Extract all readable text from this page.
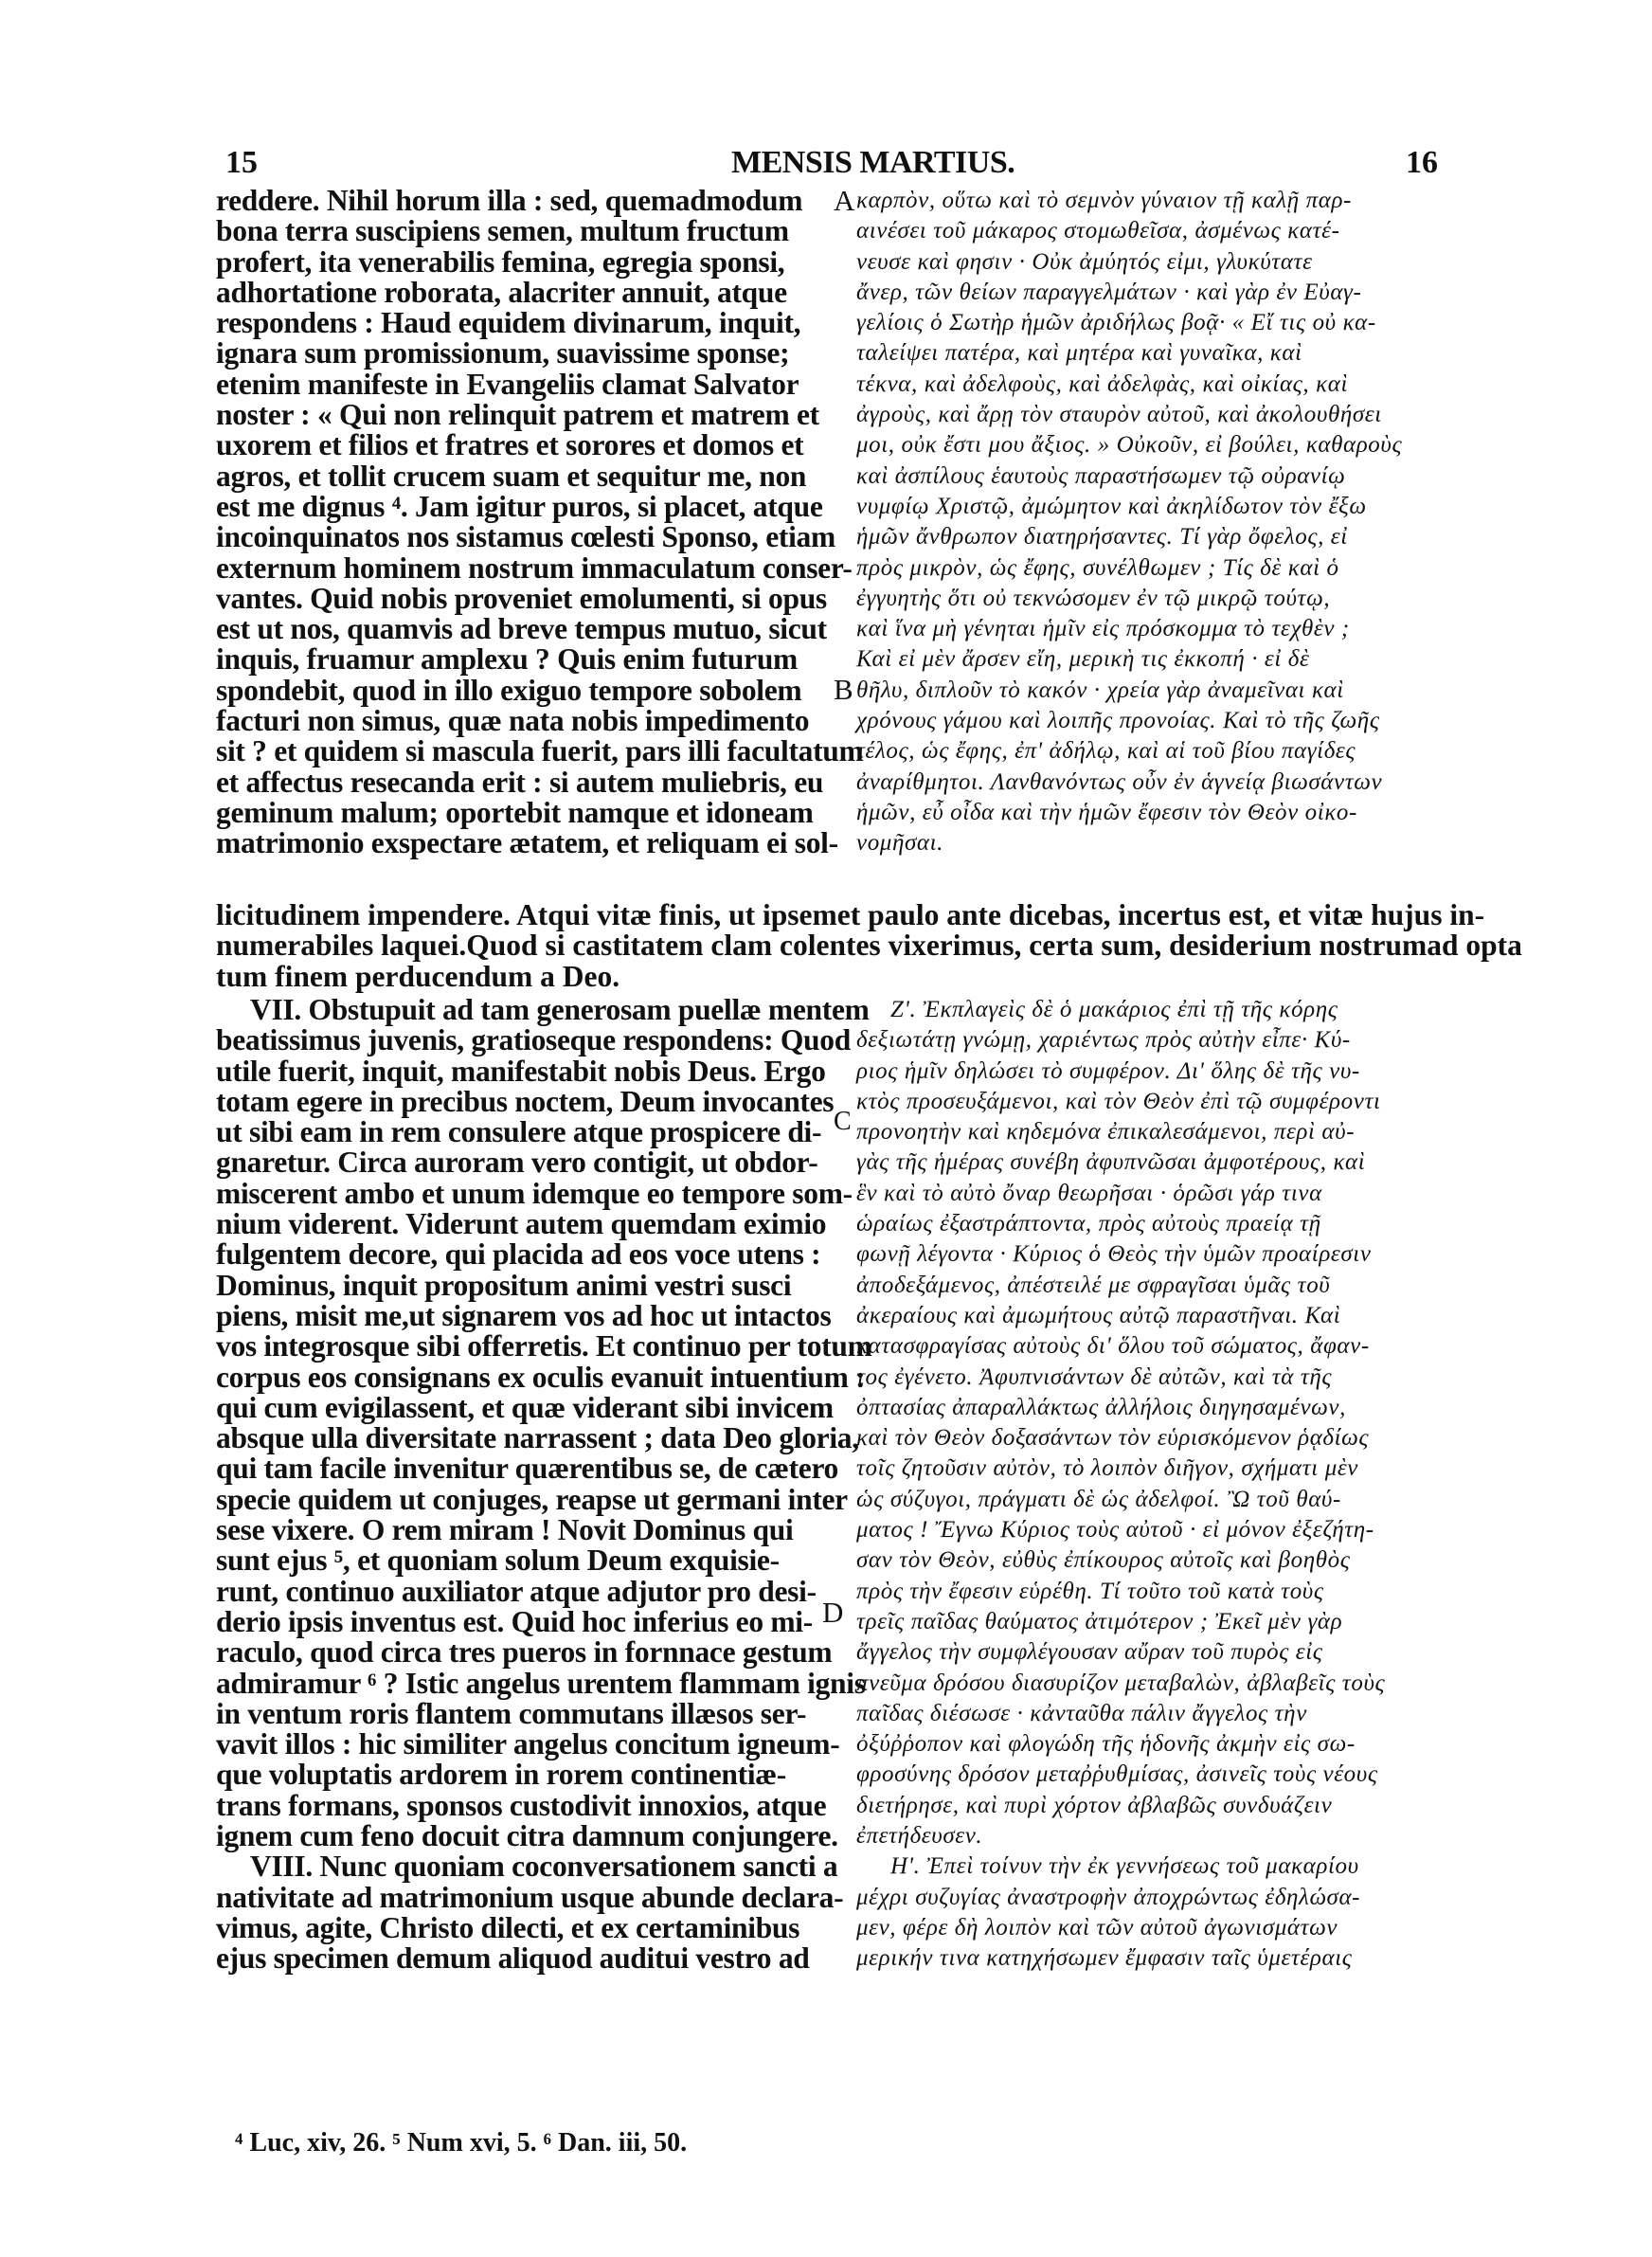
15	MENSIS MARTIUS.	16
A
B
C
D
reddere. Nihil horum illa : sed, quemadmodum
bona terra suscipiens semen, multum fructum
profert, ita venerabilis femina, egregia sponsi,
adhortatione roborata, alacriter annuit, atque
respondens : Haud equidem divinarum, inquit,
ignara sum promissionum, suavissime sponse;
etenim manifeste in Evangeliis clamat Salvator
noster : « Qui non relinquit patrem et matrem et
uxorem et filios et fratres et sorores et domos et
agros, et tollit crucem suam et sequitur me, non
est me dignus ⁴. Jam igitur puros, si placet, atque
incoinquinatos nos sistamus cœlesti Sponso, etiam
externum hominem nostrum immaculatum conser-
vantes. Quid nobis proveniet emolumenti, si opus
est ut nos, quamvis ad breve tempus mutuo, sicut
inquis, fruamur amplexu ? Quis enim futurum
spondebit, quod in illo exiguo tempore sobolem
facturi non simus, quæ nata nobis impedimento
sit ? et quidem si mascula fuerit, pars illi facultatum
et affectus resecanda erit : si autem muliebris, eu
geminum malum; oportebit namque et idoneam
matrimonio exspectare ætatem, et reliquam ei sol-
καρπὸν, οὕτω καὶ τὸ σεμνὸν γύναιον τῇ καλῇ παρ-
αινέσει τοῦ μάκαρος στομωθεῖσα, ἀσμένως κατέ-
νευσε καὶ φησιν · Οὐκ ἀμύητός εἰμι, γλυκύτατε
ἄνερ, τῶν θείων παραγγελμάτων · καὶ γὰρ ἐν Εὐαγ-
γελίοις ὁ Σωτὴρ ἡμῶν ἀριδήλως βοᾷ· « Εἴ τις οὐ κα-
ταλείψει πατέρα, καὶ μητέρα καὶ γυναῖκα, καὶ
τέκνα, καὶ ἀδελφοὺς, καὶ ἀδελφὰς, καὶ οἰκίας, καὶ
ἀγροὺς, καὶ ἄρῃ τὸν σταυρὸν αὐτοῦ, καὶ ἀκολουθήσει
μοι, οὐκ ἔστι μου ἄξιος. » Οὐκοῦν, εἰ βούλει, καθαροὺς
καὶ ἀσπίλους ἑαυτοὺς παραστήσωμεν τῷ οὐρανίῳ
νυμφίῳ Χριστῷ, ἀμώμητον καὶ ἀκηλίδωτον τὸν ἔξω
ἡμῶν ἄνθρωπον διατηρήσαντες. Τί γὰρ ὄφελος, εἰ
πρὸς μικρὸν, ὡς ἔφης, συνέλθωμεν ; Τίς δὲ καὶ ὁ
ἐγγυητὴς ὅτι οὐ τεκνώσομεν ἐν τῷ μικρῷ τούτῳ,
καὶ ἵνα μὴ γένηται ἡμῖν εἰς πρόσκομμα τὸ τεχθὲν ;
Καὶ εἰ μὲν ἄρσεν εἴη, μερικὴ τις ἐκκοπή · εἰ δὲ
θῆλυ, διπλοῦν τὸ κακόν · χρεία γὰρ ἀναμεῖναι καὶ
χρόνους γάμου καὶ λοιπῆς προνοίας. Καὶ τὸ τῆς ζωῆς
τέλος, ὡς ἔφης, ἐπ' ἀδήλῳ, καὶ αἱ τοῦ βίου παγίδες
ἀναρίθμητοι. Λανθανόντως οὖν ἐν ἁγνείᾳ βιωσάντων
ἡμῶν, εὖ οἶδα καὶ τὴν ἡμῶν ἔφεσιν τὸν Θεὸν οἰκο-
νομῆσαι.
licitudinem impendere. Atqui vitæ finis, ut ipsemet paulo ante dicebas, incertus est, et vitæ hujus in-
numerabiles laquei.Quod si castitatem clam colentes vixerimus, certa sum, desiderium nostrumad opta
tum finem perducendum a Deo.
VII. Obstupuit ad tam generosam puellæ mentem
beatissimus juvenis, gratioseque respondens: Quod
utile fuerit, inquit, manifestabit nobis Deus. Ergo
totam egere in precibus noctem, Deum invocantes
ut sibi eam in rem consulere atque prospicere di-
gnaretur. Circa auroram vero contigit, ut obdor-
miscerent ambo et unum idemque eo tempore som-
nium viderent. Viderunt autem quemdam eximio
fulgentem decore, qui placida ad eos voce utens :
Dominus, inquit propositum animi vestri susci
piens, misit me,ut signarem vos ad hoc ut intactos
vos integrosque sibi offerretis. Et continuo per totum
corpus eos consignans ex oculis evanuit intuentium :
qui cum evigilassent, et quæ viderant sibi invicem
absque ulla diversitate narrassent ; data Deo gloria,
qui tam facile invenitur quærentibus se, de cætero
specie quidem ut conjuges, reapse ut germani inter
sese vixere. O rem miram ! Novit Dominus qui
sunt ejus ⁵, et quoniam solum Deum exquisie-
runt, continuo auxiliator atque adjutor pro desi-
derio ipsis inventus est. Quid hoc inferius eo mi-
raculo, quod circa tres pueros in fornnace gestum
admiramur ⁶ ? Istic angelus urentem flammam ignis
in ventum roris flantem commutans illæsos ser-
vavit illos : hic similiter angelus concitum igneum-
que voluptatis ardorem in rorem continentiæ-
trans formans, sponsos custodivit innoxios, atque
ignem cum feno docuit citra damnum conjungere.
VIII. Nunc quoniam coconversationem sancti a
nativitate ad matrimonium usque abunde declara-
vimus, agite, Christo dilecti, et ex certaminibus
ejus specimen demum aliquod auditui vestro ad
Ζ'. Ἐκπλαγεὶς δὲ ὁ μακάριος ἐπὶ τῇ τῆς κόρης
δεξιωτάτῃ γνώμῃ, χαριέντως πρὸς αὐτὴν εἶπε· Κύ-
ριος ἡμῖν δηλώσει τὸ συμφέρον. Δι' ὅλης δὲ τῆς νυ-
κτὸς προσευξάμενοι, καὶ τὸν Θεὸν ἐπὶ τῷ συμφέροντι
προνοητὴν καὶ κηδεμόνα ἐπικαλεσάμενοι, περὶ αὐ-
γὰς τῆς ἡμέρας συνέβη ἀφυπνῶσαι ἀμφοτέρους, καὶ
ἓν καὶ τὸ αὐτὸ ὄναρ θεωρῆσαι · ὁρῶσι γάρ τινα
ὡραίως ἐξαστράπτοντα, πρὸς αὐτοὺς πραείᾳ τῇ
φωνῇ λέγοντα · Κύριος ὁ Θεὸς τὴν ὑμῶν προαίρεσιν
ἀποδεξάμενος, ἀπέστειλέ με σφραγῖσαι ὑμᾶς τοῦ
ἀκεραίους καὶ ἀμωμήτους αὐτῷ παραστῆναι. Καὶ
κατασφραγίσας αὐτοὺς δι' ὅλου τοῦ σώματος, ἄφαν-
τος ἐγένετο. Ἀφυπνισάντων δὲ αὐτῶν, καὶ τὰ τῆς
ὀπτασίας ἀπαραλλάκτως ἀλλήλοις διηγησαμένων,
καὶ τὸν Θεὸν δοξασάντων τὸν εὑρισκόμενον ῥᾳδίως
τοῖς ζητοῦσιν αὐτὸν, τὸ λοιπὸν διῆγον, σχήματι μὲν
ὡς σύζυγοι, πράγματι δὲ ὡς ἀδελφοί. Ὢ τοῦ θαύ-
ματος ! Ἔγνω Κύριος τοὺς αὐτοῦ · εἰ μόνον ἐξεζήτη-
σαν τὸν Θεὸν, εὐθὺς ἐπίκουρος αὐτοῖς καὶ βοηθὸς
πρὸς τὴν ἔφεσιν εὑρέθη. Τί τοῦτο τοῦ κατὰ τοὺς
τρεῖς παῖδας θαύματος ἀτιμότερον ; Ἐκεῖ μὲν γὰρ
ἄγγελος τὴν συμφλέγουσαν αὔραν τοῦ πυρὸς εἰς
πνεῦμα δρόσου διασυρίζον μεταβαλὼν, ἀβλαβεῖς τοὺς
παῖδας διέσωσε · κἀνταῦθα πάλιν ἄγγελος τὴν
ὀξύῤῥοπον καὶ φλογώδη τῆς ἡδονῆς ἀκμὴν εἰς σω-
φροσύνης δρόσον μεταῤῥυθμίσας, ἀσινεῖς τοὺς νέους
διετήρησε, καὶ πυρὶ χόρτον ἀβλαβῶς συνδυάζειν
ἐπετήδευσεν.
Η'. Ἐπεὶ τοίνυν τὴν ἐκ γεννήσεως τοῦ μακαρίου
μέχρι συζυγίας ἀναστροφὴν ἀποχρώντως ἐδηλώσα-
μεν, φέρε δὴ λοιπὸν καὶ τῶν αὐτοῦ ἀγωνισμάτων
μερικήν τινα κατηχήσωμεν ἔμφασιν ταῖς ὑμετέραις
⁴ Luc, xiv, 26. ⁵ Num xvi, 5. ⁶ Dan. iii, 50.
